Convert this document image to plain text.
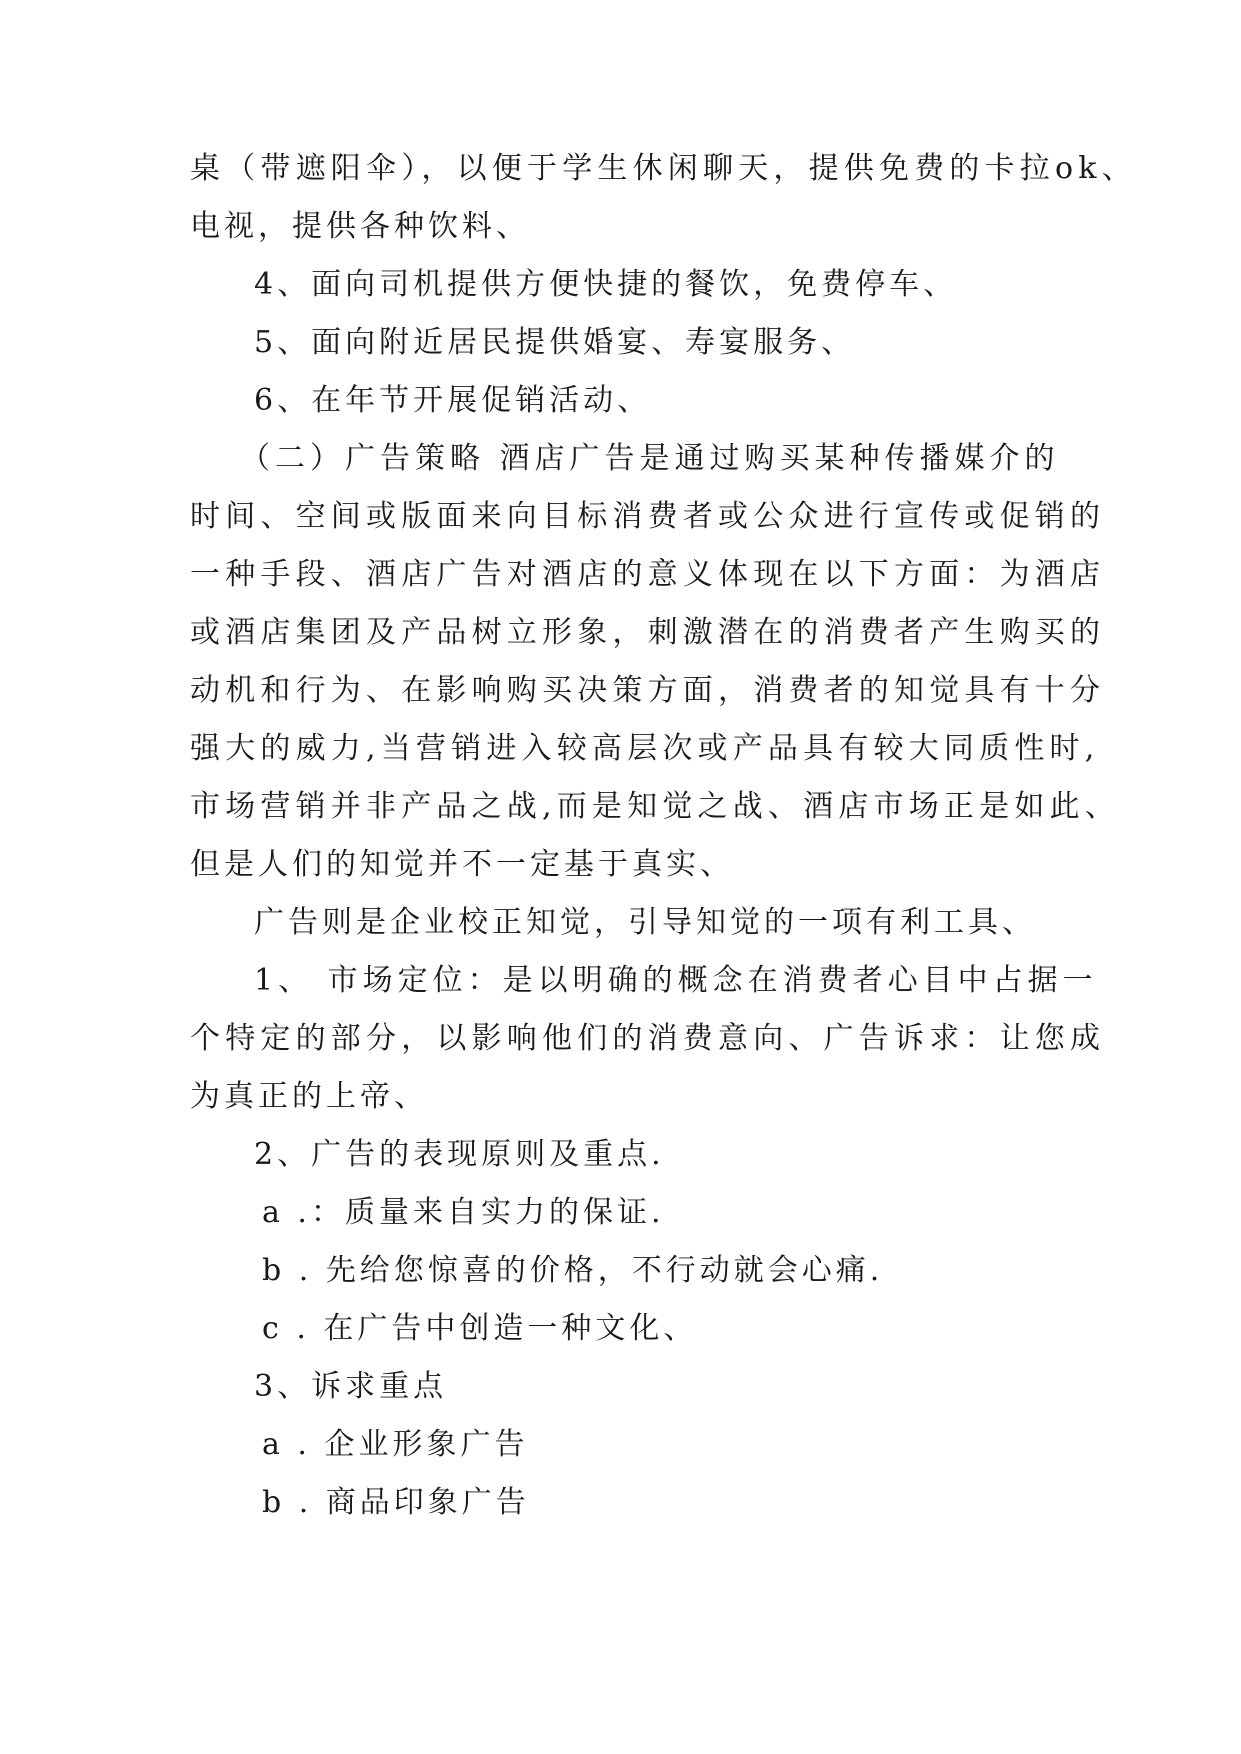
桌（带遮阳伞），以便于学生休闲聊天，提供免费的卡拉ok、
电视，提供各种饮料、
4、面向司机提供方便快捷的餐饮，免费停车、
5、面向附近居民提供婚宴、寿宴服务、
6、在年节开展促销活动、
（二）广告策略 酒店广告是通过购买某种传播媒介的
时间、空间或版面来向目标消费者或公众进行宣传或促销的
一种手段、酒店广告对酒店的意义体现在以下方面：为酒店
或酒店集团及产品树立形象，刺激潜在的消费者产生购买的
动机和行为、在影响购买决策方面，消费者的知觉具有十分
强大的威力,当营销进入较高层次或产品具有较大同质性时,
市场营销并非产品之战,而是知觉之战、酒店市场正是如此、
但是人们的知觉并不一定基于真实、
广告则是企业校正知觉，引导知觉的一项有利工具、
1、 市场定位：是以明确的概念在消费者心目中占据一
个特定的部分，以影响他们的消费意向、广告诉求：让您成
为真正的上帝、
2、广告的表现原则及重点.
a .：质量来自实力的保证.
b . 先给您惊喜的价格，不行动就会心痛.
c . 在广告中创造一种文化、
3、诉求重点
a . 企业形象广告
b . 商品印象广告
